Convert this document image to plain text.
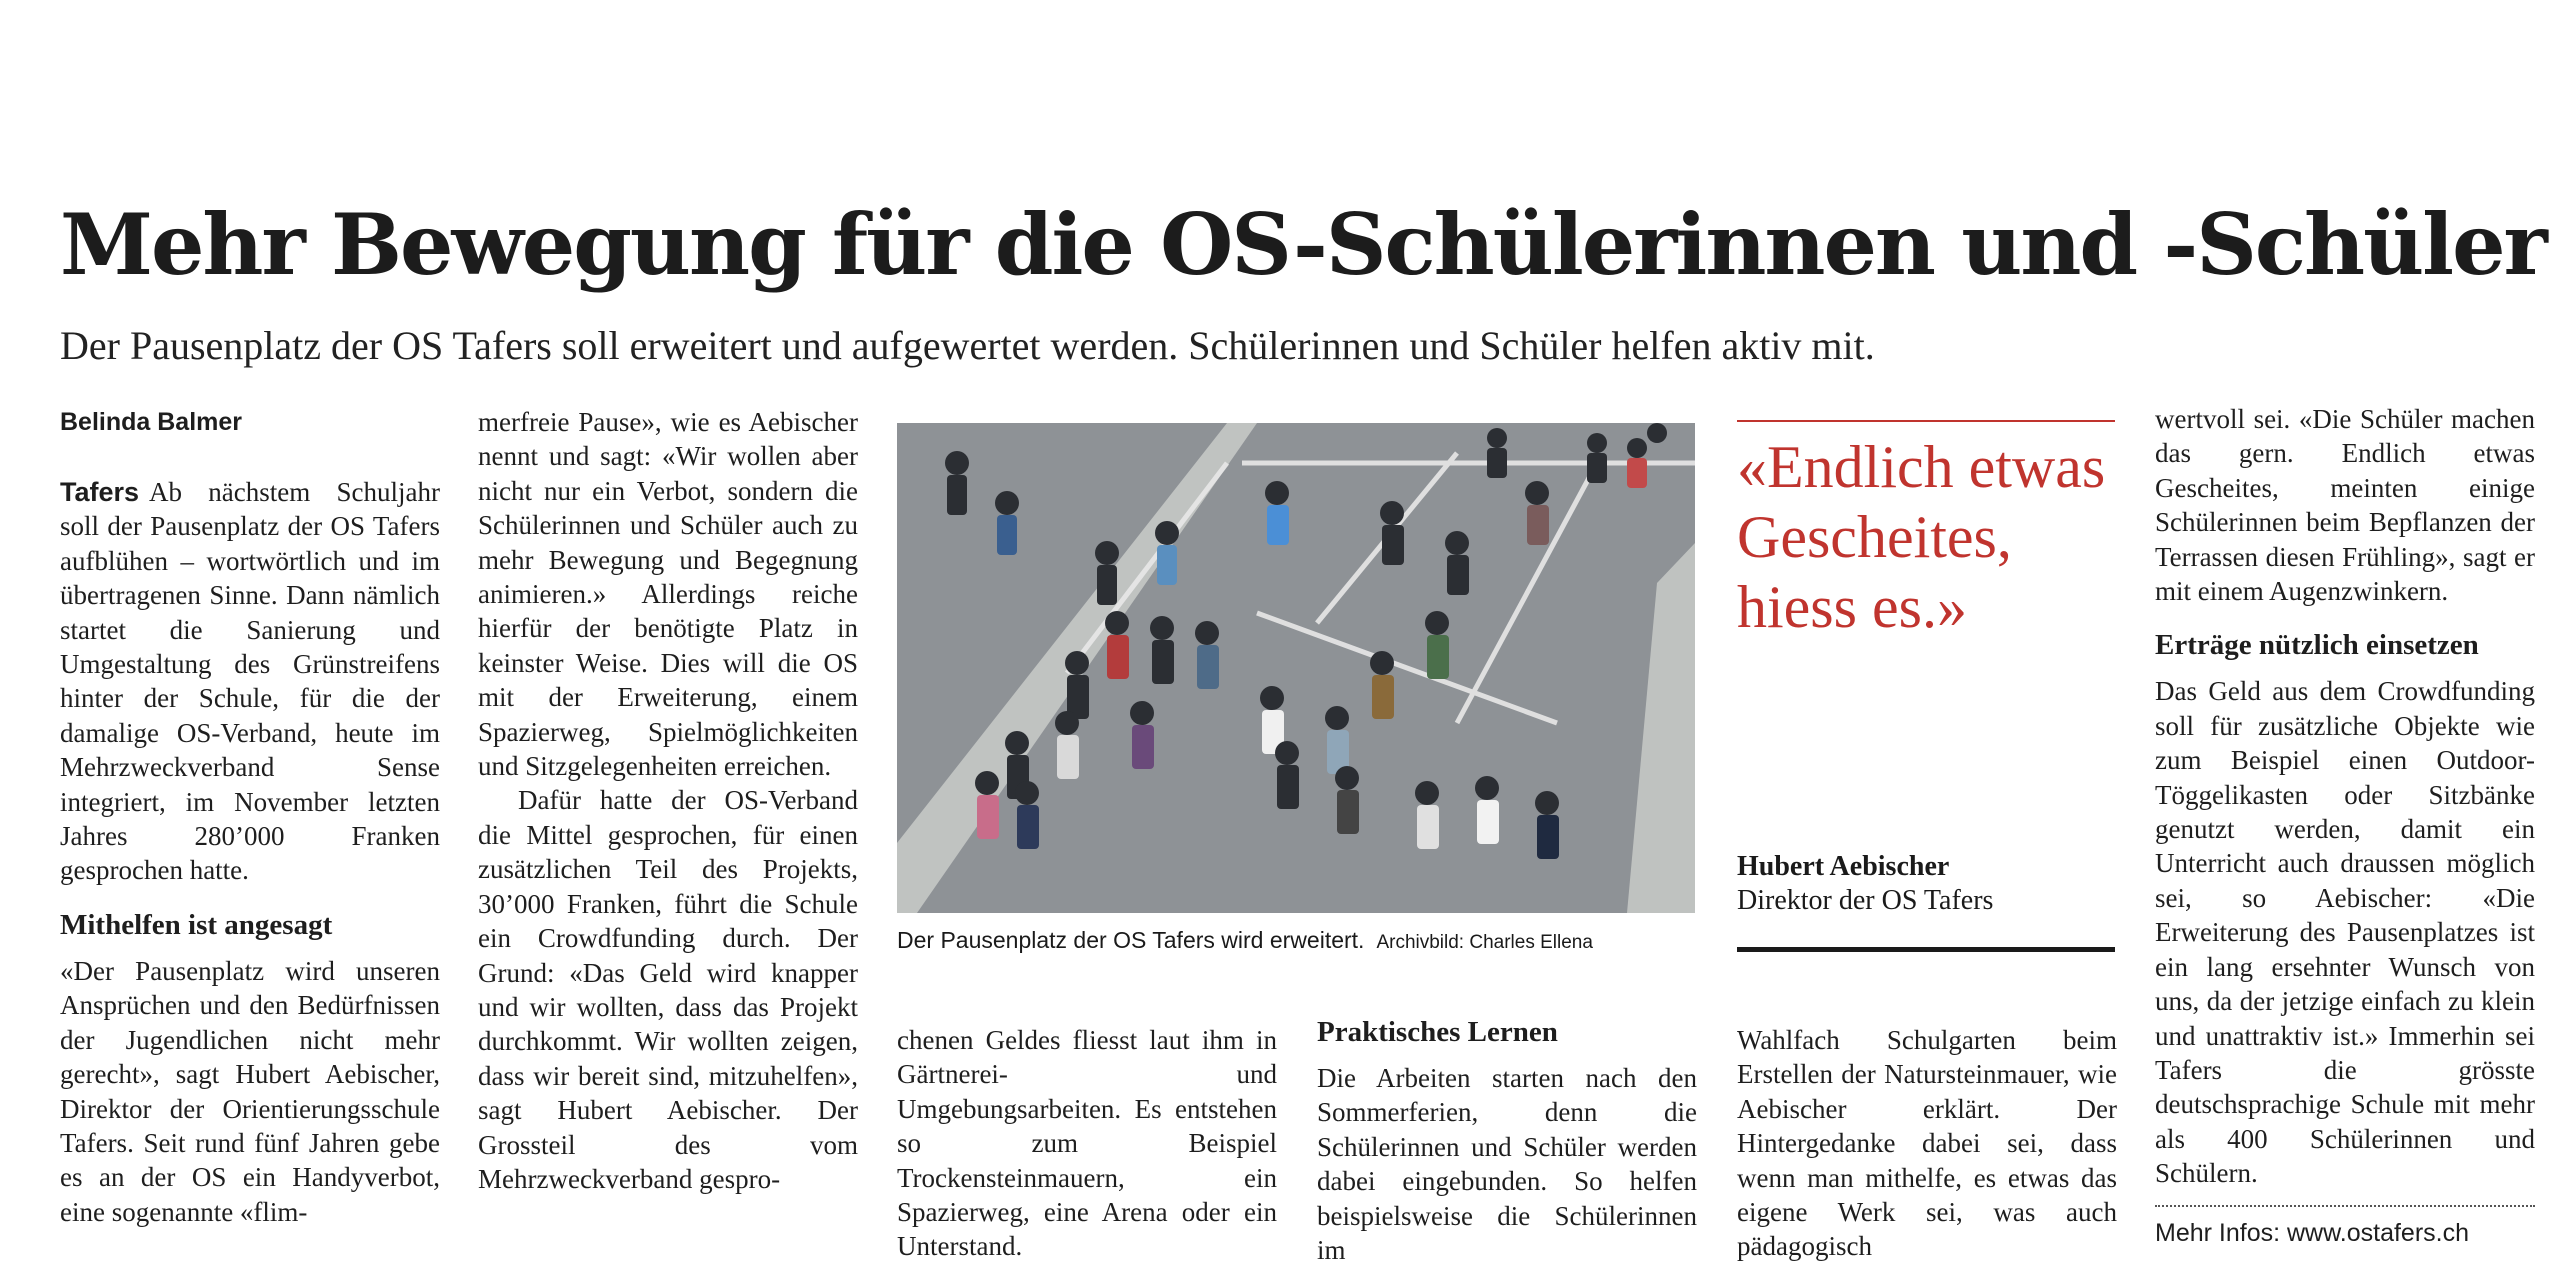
Mehr Bewegung für die OS-Schülerinnen und -Schüler

Der Pausenplatz der OS Tafers soll erweitert und aufgewertet werden. Schülerinnen und Schüler helfen aktiv mit.

Belinda Balmer

Tafers Ab nächstem Schuljahr soll der Pausenplatz der OS Tafers aufblühen – wortwörtlich und im übertragenen Sinne. Dann nämlich startet die Sanierung und Umgestaltung des Grünstreifens hinter der Schule, für die der damalige OS-Verband, heute im Mehrzweckverband Sense integriert, im November letzten Jahres 280’000 Franken gesprochen hatte.

Mithelfen ist angesagt

«Der Pausenplatz wird unseren Ansprüchen und den Bedürfnissen der Jugendlichen nicht mehr gerecht», sagt Hubert Aebischer, Direktor der Orientierungsschule Tafers. Seit rund fünf Jahren gebe es an der OS ein Handyverbot, eine sogenannte «flim-

merfreie Pause», wie es Aebischer nennt und sagt: «Wir wollen aber nicht nur ein Verbot, sondern die Schülerinnen und Schüler auch zu mehr Bewegung und Begegnung animieren.» Allerdings reiche hierfür der benötigte Platz in keinster Weise. Dies will die OS mit der Erweiterung, einem Spazierweg, Spielmöglichkeiten und Sitzgelegenheiten erreichen.

Dafür hatte der OS-Verband die Mittel gesprochen, für einen zusätzlichen Teil des Projekts, 30’000 Franken, führt die Schule ein Crowdfunding durch. Der Grund: «Das Geld wird knapper und wir wollten, dass das Projekt durchkommt. Wir wollten zeigen, dass wir bereit sind, mitzuhelfen», sagt Hubert Aebischer. Der Grossteil des vom Mehrzweckverband gespro-

Der Pausenplatz der OS Tafers wird erweitert. Archivbild: Charles Ellena

chenen Geldes fliesst laut ihm in Gärtnerei- und Umgebungsarbeiten. Es entstehen so zum Beispiel Trockensteinmauern, ein Spazierweg, eine Arena oder ein Unterstand.

Praktisches Lernen

Die Arbeiten starten nach den Sommerferien, denn die Schülerinnen und Schüler werden dabei eingebunden. So helfen beispielsweise die Schülerinnen im

«Endlich etwas Gescheites, hiess es.»

Hubert Aebischer

Direktor der OS Tafers

Wahlfach Schulgarten beim Erstellen der Natursteinmauer, wie Aebischer erklärt. Der Hintergedanke dabei sei, dass wenn man mithelfe, es etwas das eigene Werk sei, was auch pädagogisch

wertvoll sei. «Die Schüler machen das gern. Endlich etwas Gescheites, meinten einige Schülerinnen beim Bepflanzen der Terrassen diesen Frühling», sagt er mit einem Augenzwinkern.

Erträge nützlich einsetzen

Das Geld aus dem Crowdfunding soll für zusätzliche Objekte wie zum Beispiel einen Outdoor-Töggelikasten oder Sitzbänke genutzt werden, damit ein Unterricht auch draussen möglich sei, so Aebischer: «Die Erweiterung des Pausenplatzes ist ein lang ersehnter Wunsch von uns, da der jetzige einfach zu klein und unattraktiv ist.» Immerhin sei Tafers die grösste deutschsprachige Schule mit mehr als 400 Schülerinnen und Schülern.

Mehr Infos: www.ostafers.ch
